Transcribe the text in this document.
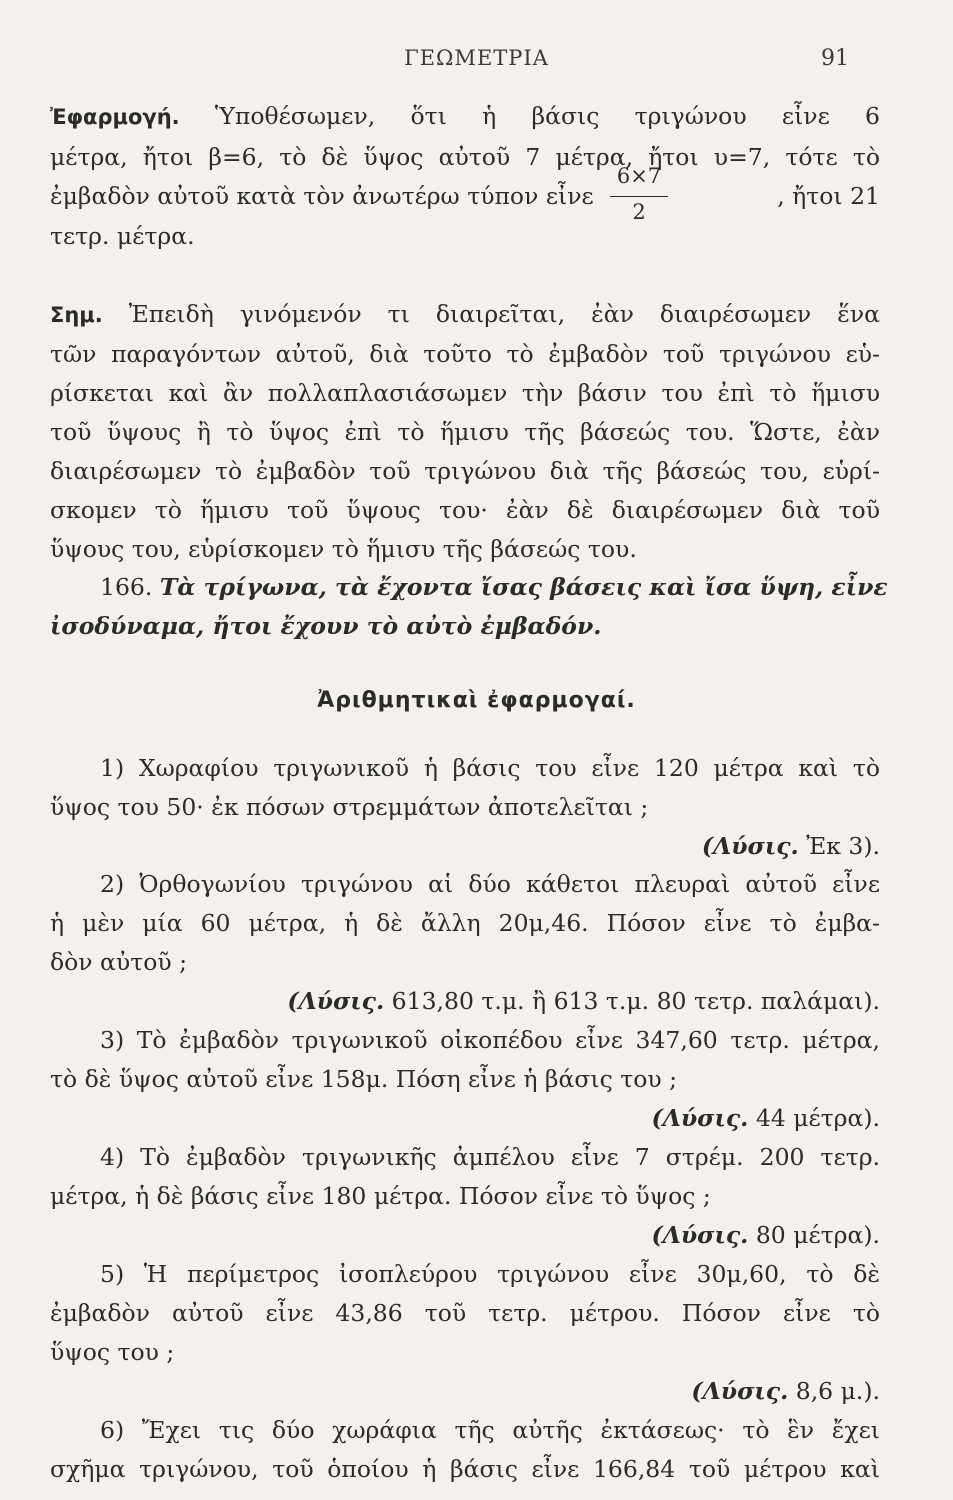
ΓΕΩΜΕΤΡΙΑ	91
Ἐφαρμογή. Ὑποθέσωμεν, ὅτι ἡ βάσις τριγώνου εἶνε 6
μέτρα, ἤτοι β=6, τὸ δὲ ὕψος αὐτοῦ 7 μέτρα, ἤτοι υ=7, τότε τὸ
6×7
ἐμβαδὸν αὐτοῦ κατὰ τὸν ἀνωτέρω τύπον εἶνε	, ἤτοι 21
2
τετρ. μέτρα.
Σημ. Ἐπειδὴ γινόμενόν τι διαιρεῖται, ἐὰν διαιρέσωμεν ἕνα
τῶν παραγόντων αὐτοῦ, διὰ τοῦτο τὸ ἐμβαδὸν τοῦ τριγώνου εὑ-
ρίσκεται καὶ ἂν πολλαπλασιάσωμεν τὴν βάσιν του ἐπὶ τὸ ἥμισυ
τοῦ ὕψους ἢ τὸ ὕψος ἐπὶ τὸ ἥμισυ τῆς βάσεώς του. Ὥστε, ἐὰν
διαιρέσωμεν τὸ ἐμβαδὸν τοῦ τριγώνου διὰ τῆς βάσεώς του, εὑρί-
σκομεν τὸ ἥμισυ τοῦ ὕψους του· ἐὰν δὲ διαιρέσωμεν διὰ τοῦ
ὕψους του, εὑρίσκομεν τὸ ἥμισυ τῆς βάσεώς του.
166. Τὰ τρίγωνα, τὰ ἔχοντα ἴσας βάσεις καὶ ἴσα ὕψη, εἶνε
ἰσοδύναμα, ἤτοι ἔχουν τὸ αὐτὸ ἐμβαδόν.
Ἀριθμητικαὶ ἐφαρμογαί.
1) Χωραφίου τριγωνικοῦ ἡ βάσις του εἶνε 120 μέτρα καὶ τὸ
ὕψος του 50· ἐκ πόσων στρεμμάτων ἀποτελεῖται ;
(Λύσις. Ἐκ 3).
2) Ὀρθογωνίου τριγώνου αἱ δύο κάθετοι πλευραὶ αὐτοῦ εἶνε
ἡ μὲν μία 60 μέτρα, ἡ δὲ ἄλλη 20μ,46. Πόσον εἶνε τὸ ἐμβα-
δὸν αὐτοῦ ;
(Λύσις. 613,80 τ.μ. ἢ 613 τ.μ. 80 τετρ. παλάμαι).
3) Τὸ ἐμβαδὸν τριγωνικοῦ οἰκοπέδου εἶνε 347,60 τετρ. μέτρα,
τὸ δὲ ὕψος αὐτοῦ εἶνε 158μ. Πόση εἶνε ἡ βάσις του ;
(Λύσις. 44 μέτρα).
4) Τὸ ἐμβαδὸν τριγωνικῆς ἀμπέλου εἶνε 7 στρέμ. 200 τετρ.
μέτρα, ἡ δὲ βάσις εἶνε 180 μέτρα. Πόσον εἶνε τὸ ὕψος ;
(Λύσις. 80 μέτρα).
5) Ἡ περίμετρος ἰσοπλεύρου τριγώνου εἶνε 30μ,60, τὸ δὲ
ἐμβαδὸν αὐτοῦ εἶνε 43,86 τοῦ τετρ. μέτρου. Πόσον εἶνε τὸ
ὕψος του ;
(Λύσις. 8,6 μ.).
6) Ἔχει τις δύο χωράφια τῆς αὐτῆς ἐκτάσεως· τὸ ἓν ἔχει
σχῆμα τριγώνου, τοῦ ὁποίου ἡ βάσις εἶνε 166,84 τοῦ μέτρου καὶ
